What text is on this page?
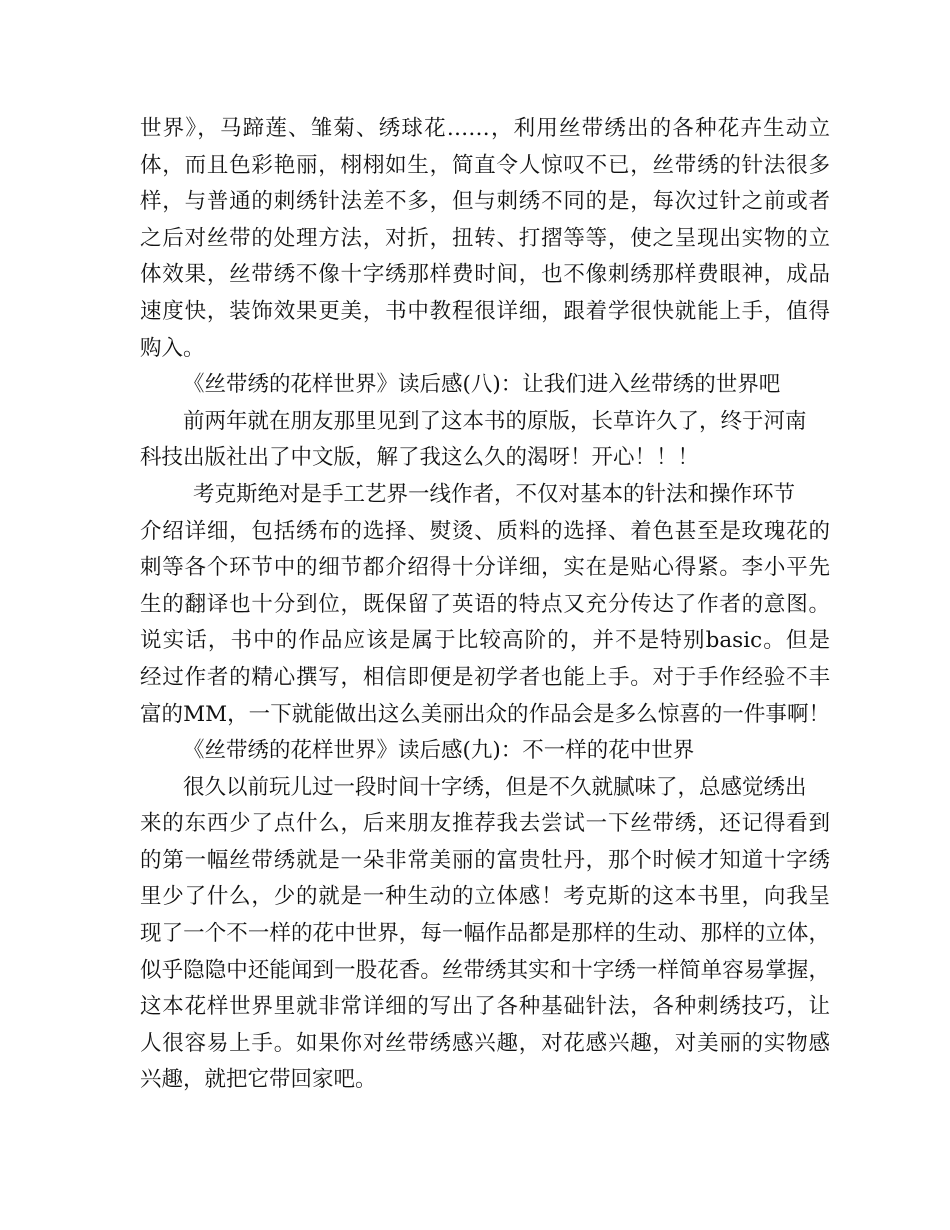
世界》，马蹄莲、雏菊、绣球花……，利用丝带绣出的各种花卉生动立
体，而且色彩艳丽，栩栩如生，简直令人惊叹不已，丝带绣的针法很多
样，与普通的刺绣针法差不多，但与刺绣不同的是，每次过针之前或者
之后对丝带的处理方法，对折，扭转、打摺等等，使之呈现出实物的立
体效果，丝带绣不像十字绣那样费时间，也不像刺绣那样费眼神，成品
速度快，装饰效果更美，书中教程很详细，跟着学很快就能上手，值得
购入。
《丝带绣的花样世界》读后感(八)：让我们进入丝带绣的世界吧
前两年就在朋友那里见到了这本书的原版，长草许久了，终于河南
科技出版社出了中文版，解了我这么久的渴呀！开心！！！
考克斯绝对是手工艺界一线作者，不仅对基本的针法和操作环节
介绍详细，包括绣布的选择、熨烫、质料的选择、着色甚至是玫瑰花的
刺等各个环节中的细节都介绍得十分详细，实在是贴心得紧。李小平先
生的翻译也十分到位，既保留了英语的特点又充分传达了作者的意图。
说实话，书中的作品应该是属于比较高阶的，并不是特别basic。但是
经过作者的精心撰写，相信即便是初学者也能上手。对于手作经验不丰
富的MM，一下就能做出这么美丽出众的作品会是多么惊喜的一件事啊！
《丝带绣的花样世界》读后感(九)：不一样的花中世界
很久以前玩儿过一段时间十字绣，但是不久就腻味了，总感觉绣出
来的东西少了点什么，后来朋友推荐我去尝试一下丝带绣，还记得看到
的第一幅丝带绣就是一朵非常美丽的富贵牡丹，那个时候才知道十字绣
里少了什么，少的就是一种生动的立体感！考克斯的这本书里，向我呈
现了一个不一样的花中世界，每一幅作品都是那样的生动、那样的立体，
似乎隐隐中还能闻到一股花香。丝带绣其实和十字绣一样简单容易掌握，
这本花样世界里就非常详细的写出了各种基础针法，各种刺绣技巧，让
人很容易上手。如果你对丝带绣感兴趣，对花感兴趣，对美丽的实物感
兴趣，就把它带回家吧。
